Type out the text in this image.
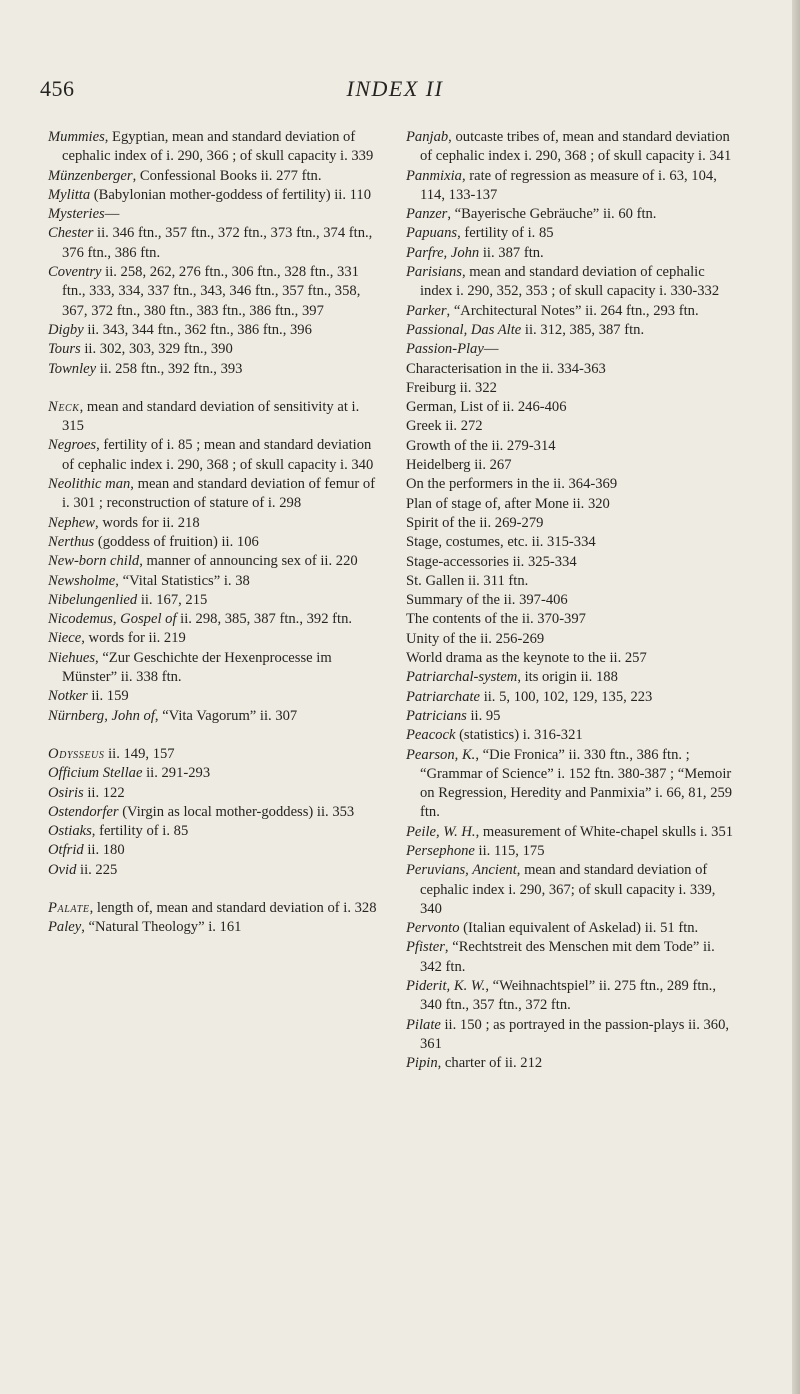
456	INDEX II
Mummies, Egyptian, mean and standard deviation of cephalic index of i. 290, 366 ; of skull capacity i. 339
Münzenberger, Confessional Books ii. 277 ftn.
Mylitta (Babylonian mother-goddess of fertility) ii. 110
Mysteries—
Chester ii. 346 ftn., 357 ftn., 372 ftn., 373 ftn., 374 ftn., 376 ftn., 386 ftn.
Coventry ii. 258, 262, 276 ftn., 306 ftn., 328 ftn., 331 ftn., 333, 334, 337 ftn., 343, 346 ftn., 357 ftn., 358, 367, 372 ftn., 380 ftn., 383 ftn., 386 ftn., 397
Digby ii. 343, 344 ftn., 362 ftn., 386 ftn., 396
Tours ii. 302, 303, 329 ftn., 390
Townley ii. 258 ftn., 392 ftn., 393
Neck, mean and standard deviation of sensitivity at i. 315
Negroes, fertility of i. 85 ; mean and standard deviation of cephalic index i. 290, 368 ; of skull capacity i. 340
Neolithic man, mean and standard deviation of femur of i. 301 ; reconstruction of stature of i. 298
Nephew, words for ii. 218
Nerthus (goddess of fruition) ii. 106
New-born child, manner of announcing sex of ii. 220
Newsholme, “Vital Statistics” i. 38
Nibelungenlied ii. 167, 215
Nicodemus, Gospel of ii. 298, 385, 387 ftn., 392 ftn.
Niece, words for ii. 219
Niehues, “Zur Geschichte der Hexenprocesse im Münster” ii. 338 ftn.
Notker ii. 159
Nürnberg, John of, “Vita Vagorum” ii. 307
Odysseus ii. 149, 157
Officium Stellae ii. 291-293
Osiris ii. 122
Ostendorfer (Virgin as local mother-goddess) ii. 353
Ostiaks, fertility of i. 85
Otfrid ii. 180
Ovid ii. 225
Palate, length of, mean and standard deviation of i. 328
Paley, “Natural Theology” i. 161
Panjab, outcaste tribes of, mean and standard deviation of cephalic index i. 290, 368 ; of skull capacity i. 341
Panmixia, rate of regression as measure of i. 63, 104, 114, 133-137
Panzer, “Bayerische Gebräuche” ii. 60 ftn.
Papuans, fertility of i. 85
Parfre, John ii. 387 ftn.
Parisians, mean and standard deviation of cephalic index i. 290, 352, 353 ; of skull capacity i. 330-332
Parker, “Architectural Notes” ii. 264 ftn., 293 ftn.
Passional, Das Alte ii. 312, 385, 387 ftn.
Passion-Play—
Characterisation in the ii. 334-363
Freiburg ii. 322
German, List of ii. 246-406
Greek ii. 272
Growth of the ii. 279-314
Heidelberg ii. 267
On the performers in the ii. 364-369
Plan of stage of, after Mone ii. 320
Spirit of the ii. 269-279
Stage, costumes, etc. ii. 315-334
Stage-accessories ii. 325-334
St. Gallen ii. 311 ftn.
Summary of the ii. 397-406
The contents of the ii. 370-397
Unity of the ii. 256-269
World drama as the keynote to the ii. 257
Patriarchal-system, its origin ii. 188
Patriarchate ii. 5, 100, 102, 129, 135, 223
Patricians ii. 95
Peacock (statistics) i. 316-321
Pearson, K., “Die Fronica” ii. 330 ftn., 386 ftn. ; “Grammar of Science” i. 152 ftn. 380-387 ; “Memoir on Regression, Heredity and Panmixia” i. 66, 81, 259 ftn.
Peile, W. H., measurement of White-chapel skulls i. 351
Persephone ii. 115, 175
Peruvians, Ancient, mean and standard deviation of cephalic index i. 290, 367; of skull capacity i. 339, 340
Pervonto (Italian equivalent of Askelad) ii. 51 ftn.
Pfister, “Rechtstreit des Menschen mit dem Tode” ii. 342 ftn.
Piderit, K. W., “Weihnachtspiel” ii. 275 ftn., 289 ftn., 340 ftn., 357 ftn., 372 ftn.
Pilate ii. 150 ; as portrayed in the passion-plays ii. 360, 361
Pipin, charter of ii. 212
